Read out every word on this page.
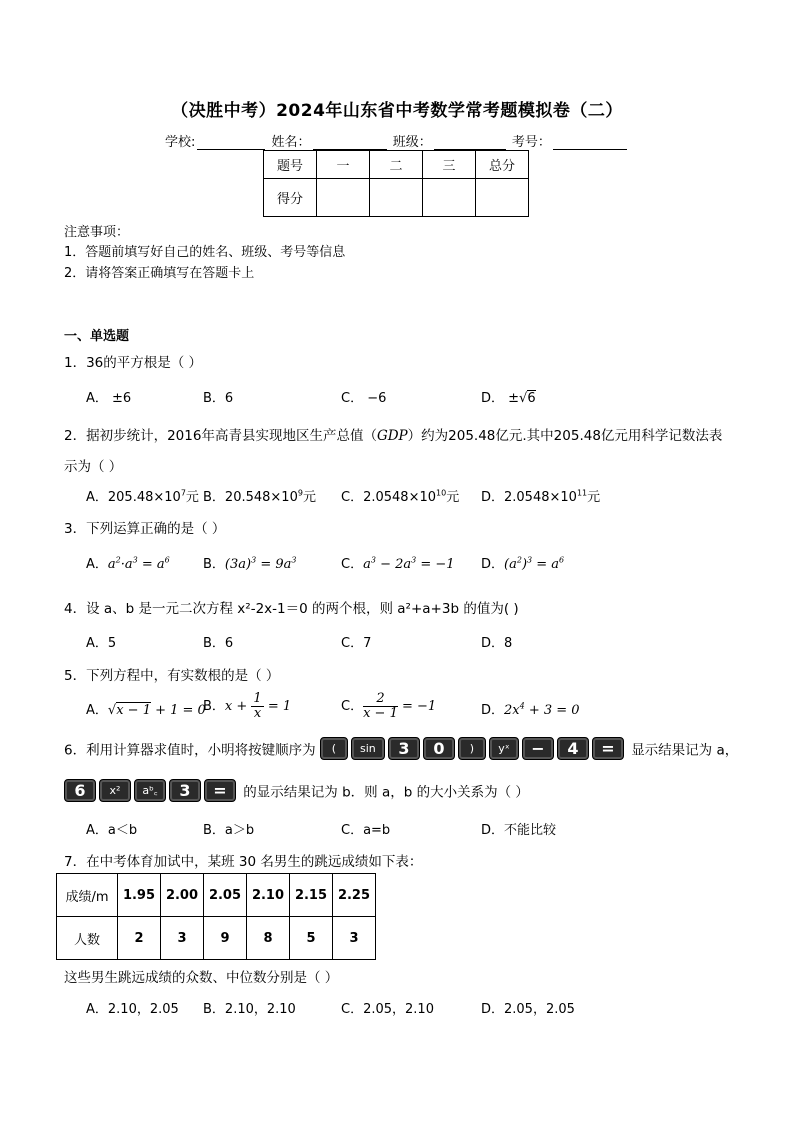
（决胜中考）2024年山东省中考数学常考题模拟卷（二）
学校:	姓名：	班级：	考号：
题号	一	二	三	总分
得分				
注意事项：
1．答题前填写好自己的姓名、班级、考号等信息
2．请将答案正确填写在答题卡上
一、单选题
1．36的平方根是（ ）
A． ±6	B．6	C． −6	D． ±√6
2．据初步统计，2016年高青县实现地区生产总值（GDP）约为205.48亿元.其中205.48亿元用科学记数法表
示为（ ）
A．$205.48\times 10^7$元 B．$20.548\times 10^9$元 C．$2.0548\times 10^{10}$元 D．$2.0548\times 10^{11}$元
3．下列运算正确的是（ ）
A．$a^2\cdot a^3 = a^6$	B．$(3a)^3 = 9a^3$	C．$a^3 - 2a^3 = -1$ D．$(a^2)^3 = a^6$
4．设 a、b 是一元二次方程 x²-2x-1＝0 的两个根，则 a²+a+3b 的值为( )
A．5	B．6	C．7	D．8
5．下列方程中，有实数根的是（ ）
A．√x − 1 + 1 = 0
B．$x + \frac{1}{x} = 1$	C． $\frac{2}{x - 1} = -1$	D．$2x^4 + 3 = 0$
6．利用计算器求值时，小明将按键顺序为 ( sin 3 0 ) yˣ − 4 = 显示结果记为 a，
6 x² aᵇ꜀ 3 = 的显示结果记为 b．则 a，b 的大小关系为（ ）
A．a＜b	B．a＞b	C．a=b	D．不能比较
7．在中考体育加试中，某班 30 名男生的跳远成绩如下表：
成绩/m	1.95	2.00	2.05	2.10	2.15	2.25
人数	2	3	9	8	5	3
这些男生跳远成绩的众数、中位数分别是（ ）
A．2.10，2.05 B．2.10，2.10	C．2.05，2.10	D．2.05，2.05
